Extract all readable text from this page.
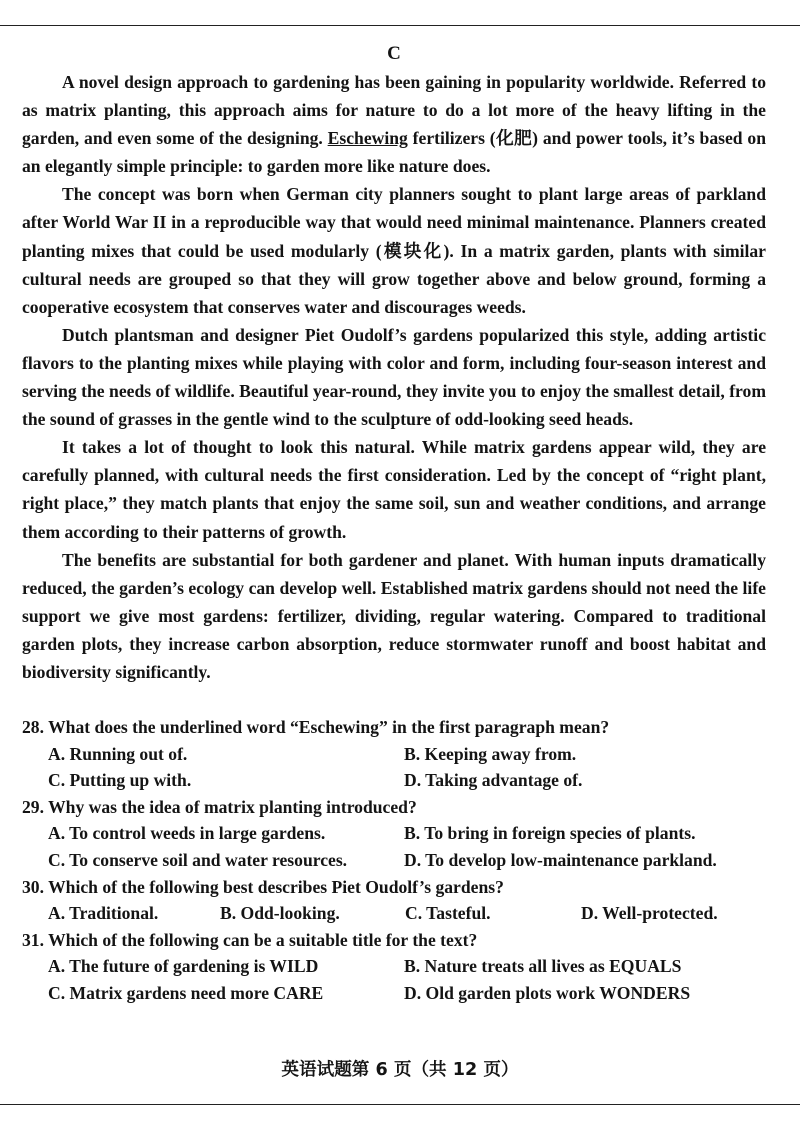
C

A novel design approach to gardening has been gaining in popularity worldwide. Referred to as matrix planting, this approach aims for nature to do a lot more of the heavy lifting in the garden, and even some of the designing. Eschewing fertilizers (化肥) and power tools, it’s based on an elegantly simple principle: to garden more like nature does.

The concept was born when German city planners sought to plant large areas of parkland after World War II in a reproducible way that would need minimal maintenance. Planners created planting mixes that could be used modularly (模块化). In a matrix garden, plants with similar cultural needs are grouped so that they will grow together above and below ground, forming a cooperative ecosystem that conserves water and discourages weeds.

Dutch plantsman and designer Piet Oudolf’s gardens popularized this style, adding artistic flavors to the planting mixes while playing with color and form, including four-season interest and serving the needs of wildlife. Beautiful year-round, they invite you to enjoy the smallest detail, from the sound of grasses in the gentle wind to the sculpture of odd-looking seed heads.

It takes a lot of thought to look this natural. While matrix gardens appear wild, they are carefully planned, with cultural needs the first consideration. Led by the concept of “right plant, right place,” they match plants that enjoy the same soil, sun and weather conditions, and arrange them according to their patterns of growth.

The benefits are substantial for both gardener and planet. With human inputs dramatically reduced, the garden’s ecology can develop well. Established matrix gardens should not need the life support we give most gardens: fertilizer, dividing, regular watering. Compared to traditional garden plots, they increase carbon absorption, reduce stormwater runoff and boost habitat and biodiversity significantly.

28. What does the underlined word “Eschewing” in the first paragraph mean?

A. Running out of.	B. Keeping away from.
C. Putting up with.	D. Taking advantage of.

29. Why was the idea of matrix planting introduced?

A. To control weeds in large gardens.	B. To bring in foreign species of plants.
C. To conserve soil and water resources.	D. To develop low-maintenance parkland.

30. Which of the following best describes Piet Oudolf’s gardens?

A. Traditional.	B. Odd-looking.	C. Tasteful.	D. Well-protected.

31. Which of the following can be a suitable title for the text?

A. The future of gardening is WILD	B. Nature treats all lives as EQUALS
C. Matrix gardens need more CARE	D. Old garden plots work WONDERS
英语试题第 6 页（共 12 页）
